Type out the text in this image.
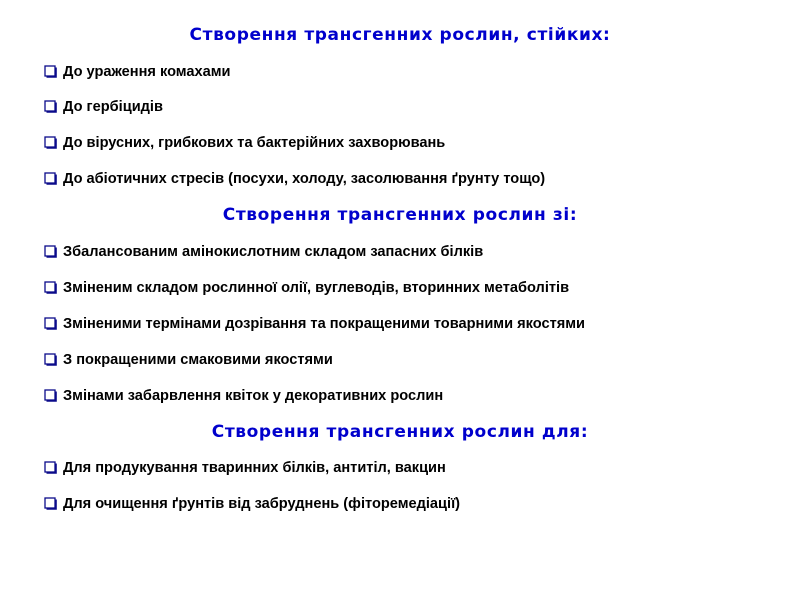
Створення трансгенних рослин, стійких:
До ураження комахами
До гербіцидів
До вірусних, грибкових та бактерійних захворювань
До абіотичних стресів (посухи, холоду, засолювання ґрунту тощо)
Створення трансгенних рослин зі:
Збалансованим амінокислотним складом запасних білків
Зміненим складом рослинної олії, вуглеводів, вторинних метаболітів
Зміненими термінами дозрівання та покращеними товарними якостями
З покращеними смаковими якостями
Змінами забарвлення квіток у декоративних рослин
Створення трансгенних рослин для:
Для продукування тваринних білків, антитіл, вакцин
Для очищення ґрунтів від забруднень (фіторемедіації)
